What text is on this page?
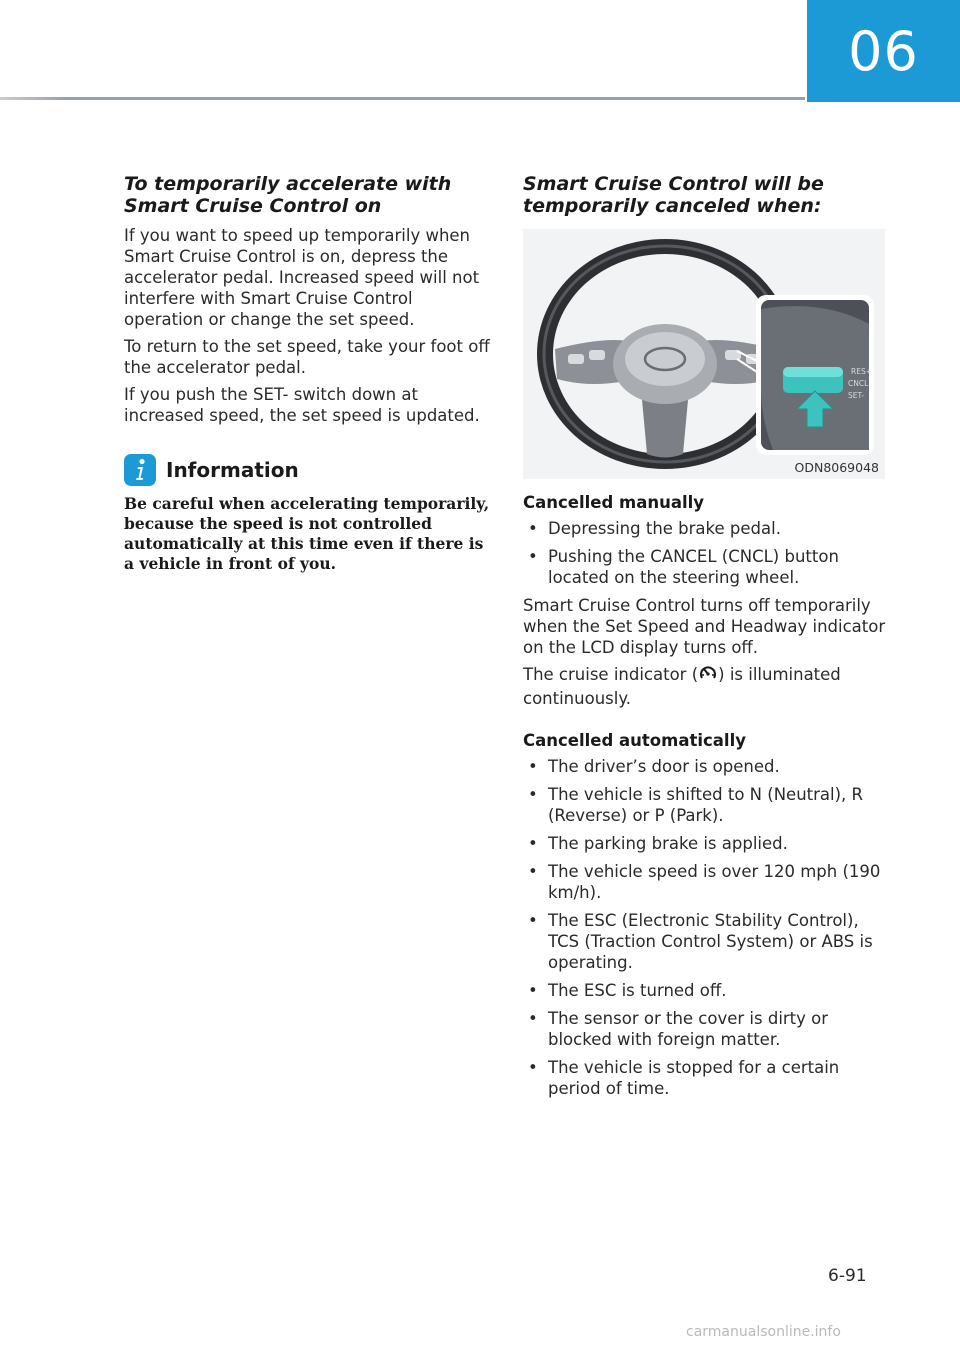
06
To temporarily accelerate with Smart Cruise Control on

If you want to speed up temporarily when Smart Cruise Control is on, depress the accelerator pedal. Increased speed will not interfere with Smart Cruise Control operation or change the set speed.

To return to the set speed, take your foot off the accelerator pedal.

If you push the SET- switch down at increased speed, the set speed is updated.

Information

Be careful when accelerating temporarily, because the speed is not controlled automatically at this time even if there is a vehicle in front of you.

Smart Cruise Control will be temporarily canceled when:
RES+
CNCL
SET-
ODN8069048
Cancelled manually
• Depressing the brake pedal.
• Pushing the CANCEL (CNCL) button located on the steering wheel.

Smart Cruise Control turns off temporarily when the Set Speed and Headway indicator on the LCD display turns off.

The cruise indicator ( ) is illuminated continuously.

Cancelled automatically
• The driver’s door is opened.
• The vehicle is shifted to N (Neutral), R (Reverse) or P (Park).
• The parking brake is applied.
• The vehicle speed is over 120 mph (190 km/h).
• The ESC (Electronic Stability Control), TCS (Traction Control System) or ABS is operating.
• The ESC is turned off.
• The sensor or the cover is dirty or blocked with foreign matter.
• The vehicle is stopped for a certain period of time.
6-91
carmanualsonline.info
